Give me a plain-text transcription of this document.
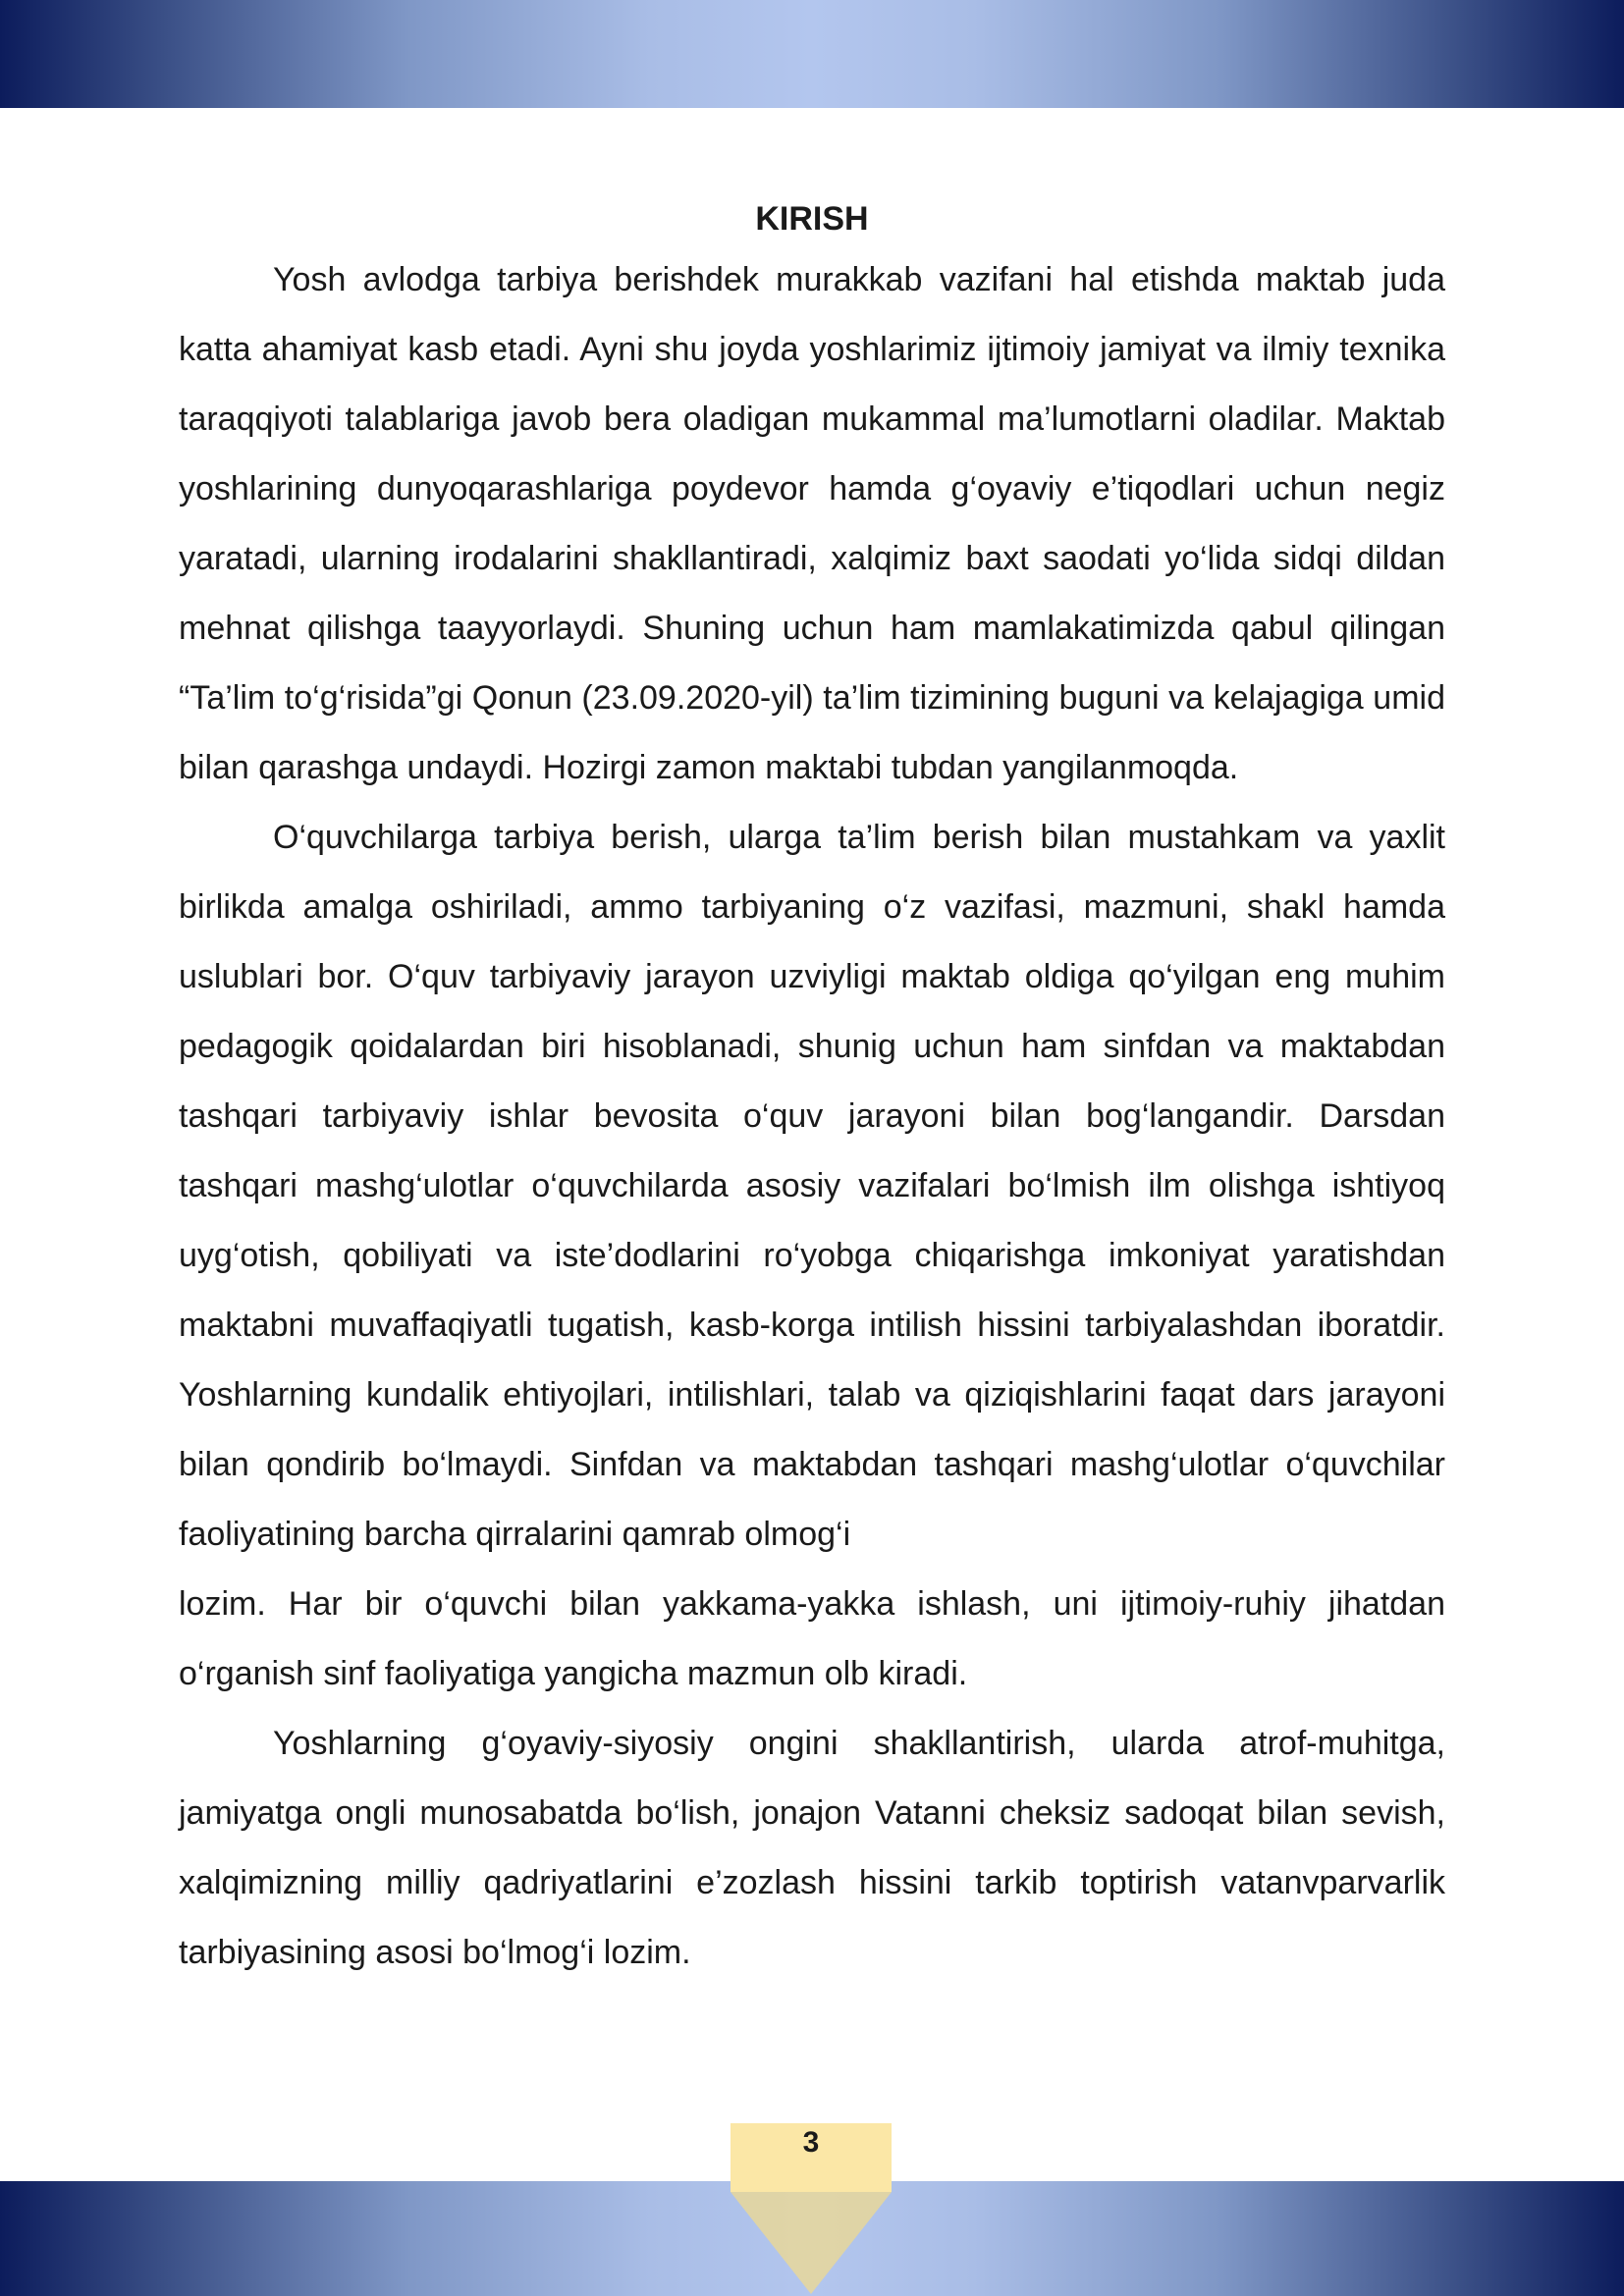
KIRISH

Yosh avlodga tarbiya berishdek murakkab vazifani hal etishda maktab juda katta ahamiyat kasb etadi. Ayni shu joyda yoshlarimiz ijtimoiy jamiyat va ilmiy texnika taraqqiyoti talablariga javob bera oladigan mukammal ma’lumotlarni oladilar. Maktab yoshlarining dunyoqarashlariga poydevor hamda g‘oyaviy e’tiqodlari uchun negiz yaratadi, ularning irodalarini shakllantiradi, xalqimiz baxt saodati yo‘lida sidqi dildan mehnat qilishga taayyorlaydi. Shuning uchun ham mamlakatimizda qabul qilingan “Ta’lim to‘g‘risida”gi Qonun (23.09.2020-yil) ta’lim tizimining buguni va kelajagiga umid bilan qarashga undaydi. Hozirgi zamon maktabi tubdan yangilanmoqda.

O‘quvchilarga tarbiya berish, ularga ta’lim berish bilan mustahkam va yaxlit birlikda amalga oshiriladi, ammo tarbiyaning o‘z vazifasi, mazmuni, shakl hamda uslublari bor. O‘quv tarbiyaviy jarayon uzviyligi maktab oldiga qo‘yilgan eng muhim pedagogik qoidalardan biri hisoblanadi, shunig uchun ham sinfdan va maktabdan tashqari tarbiyaviy ishlar bevosita o‘quv jarayoni bilan bog‘langandir. Darsdan tashqari mashg‘ulotlar o‘quvchilarda asosiy vazifalari bo‘lmish ilm olishga ishtiyoq uyg‘otish, qobiliyati va iste’dodlarini ro‘yobga chiqarishga imkoniyat yaratishdan maktabni muvaffaqiyatli tugatish, kasb-korga intilish hissini tarbiyalashdan iboratdir. Yoshlarning kundalik ehtiyojlari, intilishlari, talab va qiziqishlarini faqat dars jarayoni bilan qondirib bo‘lmaydi. Sinfdan va maktabdan tashqari mashg‘ulotlar o‘quvchilar faoliyatining barcha qirralarini qamrab olmog‘i

lozim. Har bir o‘quvchi bilan yakkama-yakka ishlash, uni ijtimoiy-ruhiy jihatdan o‘rganish sinf faoliyatiga yangicha mazmun olb kiradi.

Yoshlarning g‘oyaviy-siyosiy ongini shakllantirish, ularda atrof-muhitga, jamiyatga ongli munosabatda bo‘lish, jonajon Vatanni cheksiz sadoqat bilan sevish, xalqimizning milliy qadriyatlarini e’zozlash hissini tarkib toptirish vatanvparvarlik tarbiyasining asosi bo‘lmog‘i lozim.

3
